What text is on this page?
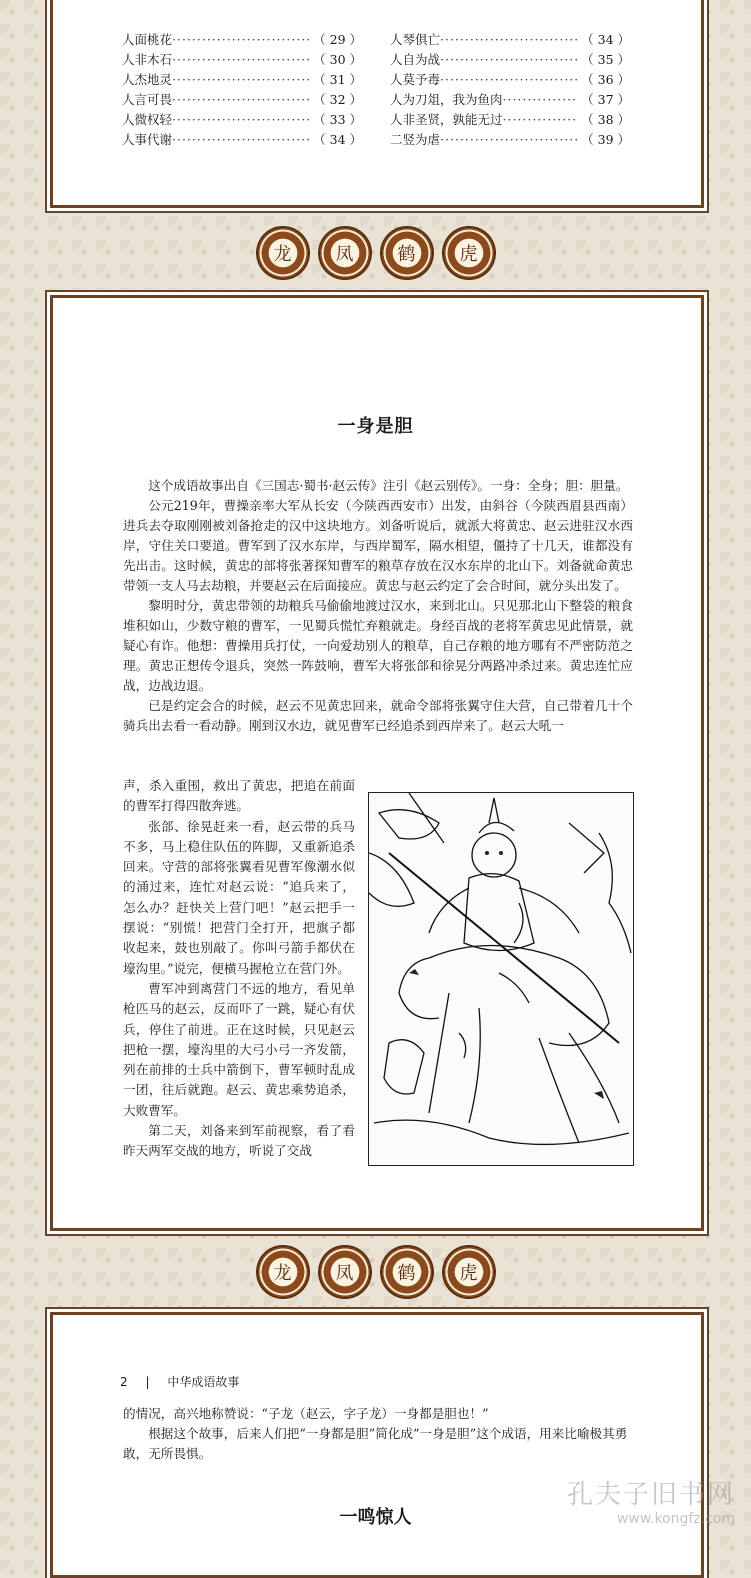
人面桃花 ·····	（ 29 ）
人非木石 ·····	（ 30 ）
人杰地灵 ·····	（ 31 ）
人言可畏 ·····	（ 32 ）
人微权轻 ·····	（ 33 ）
人事代谢 ·····	（ 34 ）
人琴俱亡 ·····	（ 34 ）
人自为战 ·····	（ 35 ）
人莫予毒 ·····	（ 36 ）
人为刀俎，我为鱼肉 ·····	（ 37 ）
人非圣贤，孰能无过 ·····	（ 38 ）
二竖为虐 ·····	（ 39 ）
龙 凤 鹤 虎
一身是胆

这个成语故事出自《三国志·蜀书·赵云传》注引《赵云别传》。一身：全身；胆：胆量。

公元219年，曹操亲率大军从长安（今陕西西安市）出发，由斜谷（今陕西眉县西南）进兵去夺取刚刚被刘备抢走的汉中这块地方。刘备听说后，就派大将黄忠、赵云进驻汉水西岸，守住关口要道。曹军到了汉水东岸，与西岸蜀军，隔水相望，僵持了十几天，谁都没有先出击。这时候，黄忠的部将张著探知曹军的粮草存放在汉水东岸的北山下。刘备就命黄忠带领一支人马去劫粮，并要赵云在后面接应。黄忠与赵云约定了会合时间，就分头出发了。

黎明时分，黄忠带领的劫粮兵马偷偷地渡过汉水，来到北山。只见那北山下整袋的粮食堆积如山，少数守粮的曹军，一见蜀兵慌忙弃粮就走。身经百战的老将军黄忠见此情景，就疑心有诈。他想：曹操用兵打仗，一向爱劫别人的粮草，自己存粮的地方哪有不严密防范之理。黄忠正想传令退兵，突然一阵鼓响，曹军大将张郃和徐晃分两路冲杀过来。黄忠连忙应战，边战边退。

已是约定会合的时候，赵云不见黄忠回来，就命令部将张翼守住大营，自己带着几十个骑兵出去看一看动静。刚到汉水边，就见曹军已经追杀到西岸来了。赵云大吼一

声，杀入重围，救出了黄忠，把追在前面的曹军打得四散奔逃。

张郃、徐晃赶来一看，赵云带的兵马不多，马上稳住队伍的阵脚，又重新追杀回来。守营的部将张翼看见曹军像潮水似的涌过来，连忙对赵云说：“追兵来了，怎么办？赶快关上营门吧！”赵云把手一摆说：“别慌！把营门全打开，把旗子都收起来，鼓也别敲了。你叫弓箭手都伏在壕沟里。”说完，便横马握枪立在营门外。

曹军冲到离营门不远的地方，看见单枪匹马的赵云，反而吓了一跳，疑心有伏兵，停住了前进。正在这时候，只见赵云把枪一摆，壕沟里的大弓小弓一齐发箭，列在前排的士兵中箭倒下，曹军顿时乱成一团，往后就跑。赵云、黄忠乘势追杀，大败曹军。

第二天，刘备来到军前视察，看了看昨天两军交战的地方，听说了交战

龙 凤 鹤 虎
2 | 中华成语故事

的情况，高兴地称赞说：“子龙（赵云，字子龙）一身都是胆也！”

根据这个故事，后来人们把“一身都是胆”简化成“一身是胆”这个成语，用来比喻极其勇敢，无所畏惧。

一鸣惊人
孔夫子旧书网
www.kongfz.com
